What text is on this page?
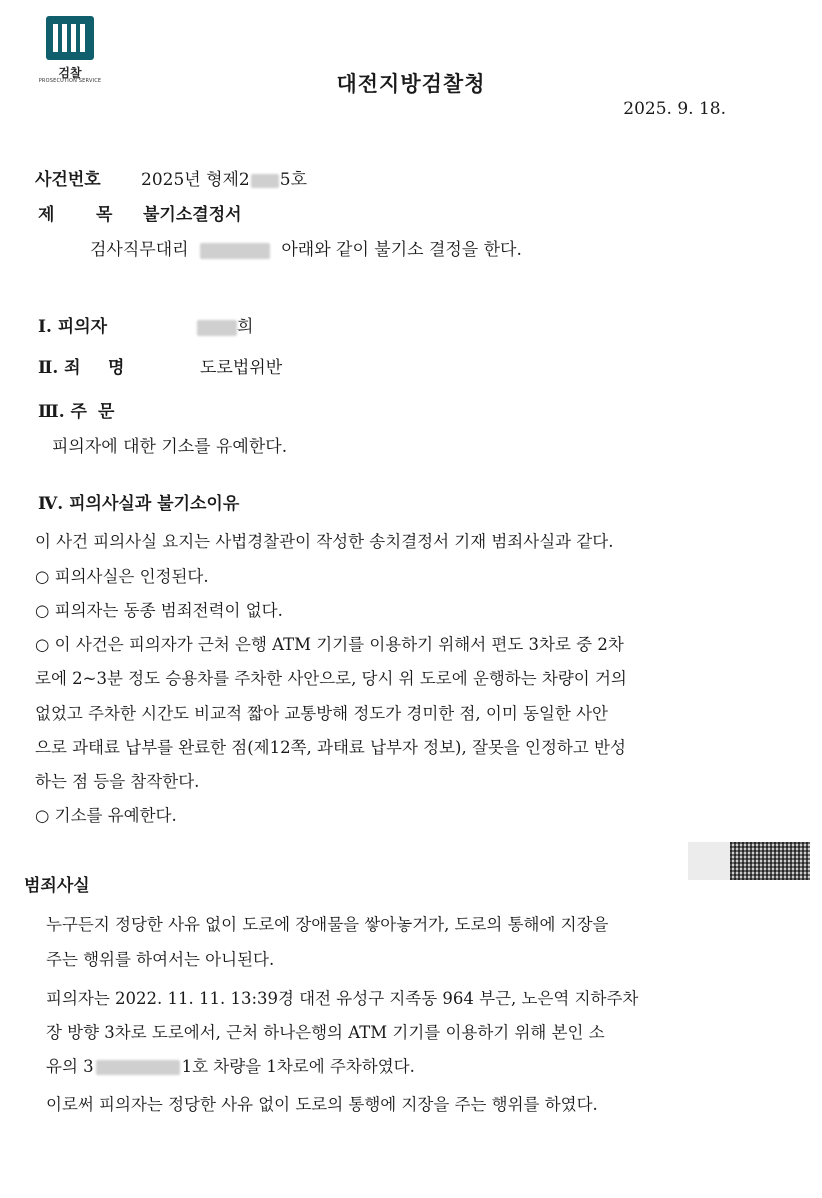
검찰
PROSECUTION SERVICE	대전지방검찰청
2025. 9. 18.
사건번호 2025년 형제2 5호
제 목 불기소결정서
검사직무대리	아래와 같이 불기소 결정을 한다.
Ⅰ. 피의자	희
Ⅱ. 죄 명	도로법위반
Ⅲ. 주 문
피의자에 대한 기소를 유예한다.
Ⅳ. 피의사실과 불기소이유
이 사건 피의사실 요지는 사법경찰관이 작성한 송치결정서 기재 범죄사실과 같다.
○ 피의사실은 인정된다.
○ 피의자는 동종 범죄전력이 없다.
○ 이 사건은 피의자가 근처 은행 ATM 기기를 이용하기 위해서 편도 3차로 중 2차
로에 2~3분 정도 승용차를 주차한 사안으로, 당시 위 도로에 운행하는 차량이 거의
없었고 주차한 시간도 비교적 짧아 교통방해 정도가 경미한 점, 이미 동일한 사안
으로 과태료 납부를 완료한 점(제12쪽, 과태료 납부자 정보), 잘못을 인정하고 반성
하는 점 등을 참작한다.
○ 기소를 유예한다.
범죄사실
누구든지 정당한 사유 없이 도로에 장애물을 쌓아놓거가, 도로의 통해에 지장을
주는 행위를 하여서는 아니된다.
피의자는 2022. 11. 11. 13:39경 대전 유성구 지족동 964 부근, 노은역 지하주차
장 방향 3차로 도로에서, 근처 하나은행의 ATM 기기를 이용하기 위해 본인 소
유의 3	1호 차량을 1차로에 주차하였다.
이로써 피의자는 정당한 사유 없이 도로의 통행에 지장을 주는 행위를 하였다.
